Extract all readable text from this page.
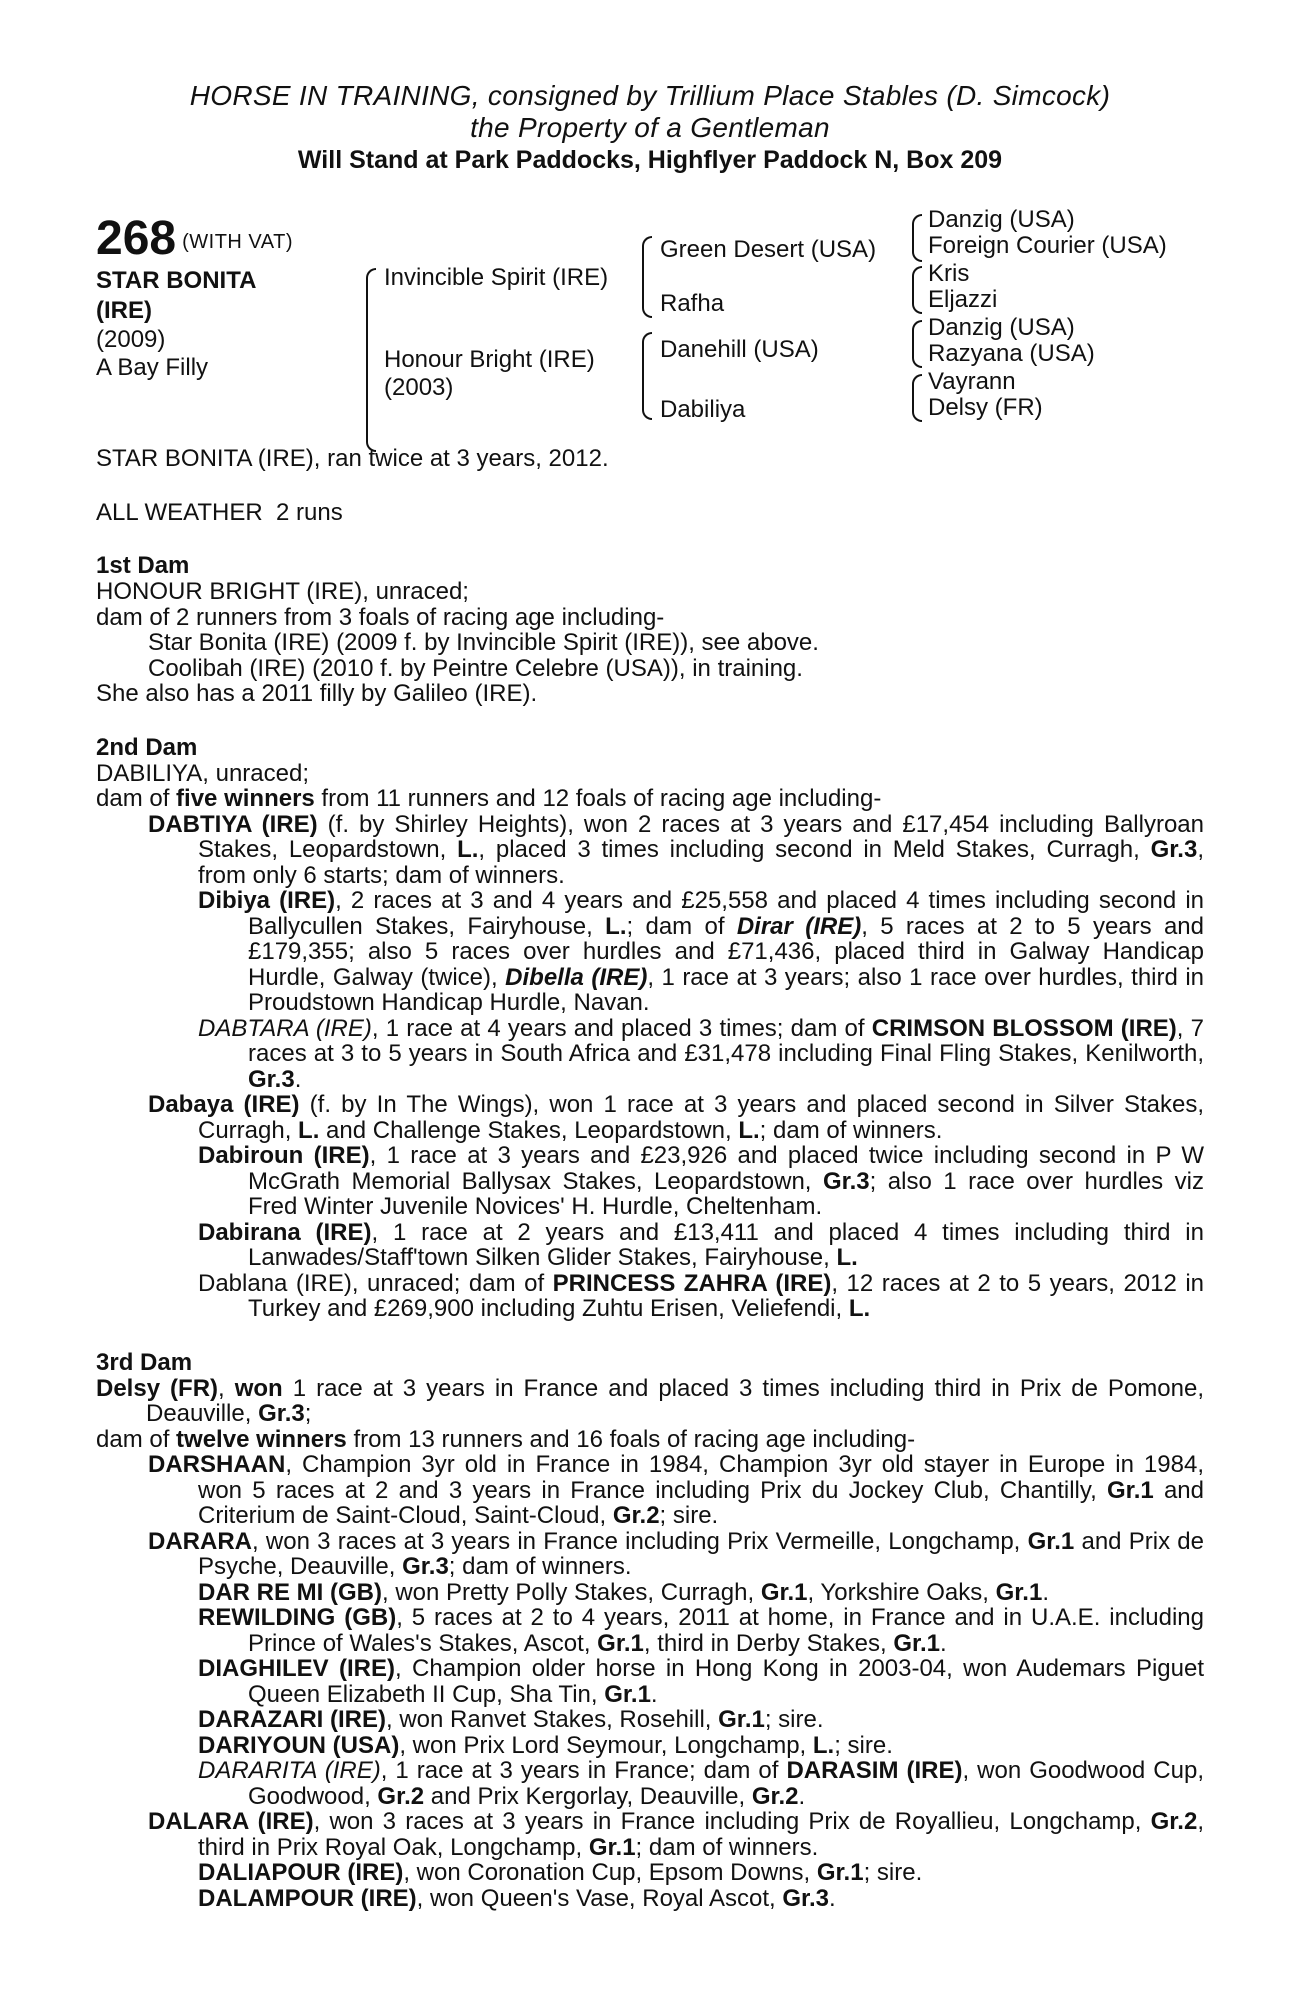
HORSE IN TRAINING, consigned by Trillium Place Stables (D. Simcock)
the Property of a Gentleman
Will Stand at Park Paddocks, Highflyer Paddock N, Box 209
268 $^{(WITH VAT)}$
STAR BONITA (IRE)
(2009)
A Bay Filly
Invincible Spirit (IRE)
Honour Bright (IRE)
(2003)
Green Desert (USA)
Rafha
Danehill (USA)
Dabiliya
Danzig (USA)
Foreign Courier (USA)
Kris
Eljazzi
Danzig (USA)
Razyana (USA)
Vayrann
Delsy (FR)

STAR BONITA (IRE), ran twice at 3 years, 2012.

ALL WEATHER  2 runs

1st Dam

HONOUR BRIGHT (IRE), unraced;

dam of 2 runners from 3 foals of racing age including-

Star Bonita (IRE) (2009 f. by Invincible Spirit (IRE)), see above.

Coolibah (IRE) (2010 f. by Peintre Celebre (USA)), in training.

She also has a 2011 filly by Galileo (IRE).

2nd Dam

DABILIYA, unraced;

dam of five winners from 11 runners and 12 foals of racing age including-

DABTIYA (IRE) (f. by Shirley Heights), won 2 races at 3 years and £17,454 including Ballyroan Stakes, Leopardstown, L., placed 3 times including second in Meld Stakes, Curragh, Gr.3, from only 6 starts; dam of winners.

Dibiya (IRE), 2 races at 3 and 4 years and £25,558 and placed 4 times including second in Ballycullen Stakes, Fairyhouse, L.; dam of Dirar (IRE), 5 races at 2 to 5 years and £179,355; also 5 races over hurdles and £71,436, placed third in Galway Handicap Hurdle, Galway (twice), Dibella (IRE), 1 race at 3 years; also 1 race over hurdles, third in Proudstown Handicap Hurdle, Navan.

DABTARA (IRE), 1 race at 4 years and placed 3 times; dam of CRIMSON BLOSSOM (IRE), 7 races at 3 to 5 years in South Africa and £31,478 including Final Fling Stakes, Kenilworth, Gr.3.

Dabaya (IRE) (f. by In The Wings), won 1 race at 3 years and placed second in Silver Stakes, Curragh, L. and Challenge Stakes, Leopardstown, L.; dam of winners.

Dabiroun (IRE), 1 race at 3 years and £23,926 and placed twice including second in P W McGrath Memorial Ballysax Stakes, Leopardstown, Gr.3; also 1 race over hurdles viz Fred Winter Juvenile Novices' H. Hurdle, Cheltenham.

Dabirana (IRE), 1 race at 2 years and £13,411 and placed 4 times including third in Lanwades/Staff'town Silken Glider Stakes, Fairyhouse, L.

Dablana (IRE), unraced; dam of PRINCESS ZAHRA (IRE), 12 races at 2 to 5 years, 2012 in Turkey and £269,900 including Zuhtu Erisen, Veliefendi, L.

3rd Dam

Delsy (FR), won 1 race at 3 years in France and placed 3 times including third in Prix de Pomone, Deauville, Gr.3;

dam of twelve winners from 13 runners and 16 foals of racing age including-

DARSHAAN, Champion 3yr old in France in 1984, Champion 3yr old stayer in Europe in 1984, won 5 races at 2 and 3 years in France including Prix du Jockey Club, Chantilly, Gr.1 and Criterium de Saint-Cloud, Saint-Cloud, Gr.2; sire.

DARARA, won 3 races at 3 years in France including Prix Vermeille, Longchamp, Gr.1 and Prix de Psyche, Deauville, Gr.3; dam of winners.

DAR RE MI (GB), won Pretty Polly Stakes, Curragh, Gr.1, Yorkshire Oaks, Gr.1.

REWILDING (GB), 5 races at 2 to 4 years, 2011 at home, in France and in U.A.E. including Prince of Wales's Stakes, Ascot, Gr.1, third in Derby Stakes, Gr.1.

DIAGHILEV (IRE), Champion older horse in Hong Kong in 2003-04, won Audemars Piguet Queen Elizabeth II Cup, Sha Tin, Gr.1.

DARAZARI (IRE), won Ranvet Stakes, Rosehill, Gr.1; sire.

DARIYOUN (USA), won Prix Lord Seymour, Longchamp, L.; sire.

DARARITA (IRE), 1 race at 3 years in France; dam of DARASIM (IRE), won Goodwood Cup, Goodwood, Gr.2 and Prix Kergorlay, Deauville, Gr.2.

DALARA (IRE), won 3 races at 3 years in France including Prix de Royallieu, Longchamp, Gr.2, third in Prix Royal Oak, Longchamp, Gr.1; dam of winners.

DALIAPOUR (IRE), won Coronation Cup, Epsom Downs, Gr.1; sire.

DALAMPOUR (IRE), won Queen's Vase, Royal Ascot, Gr.3.
